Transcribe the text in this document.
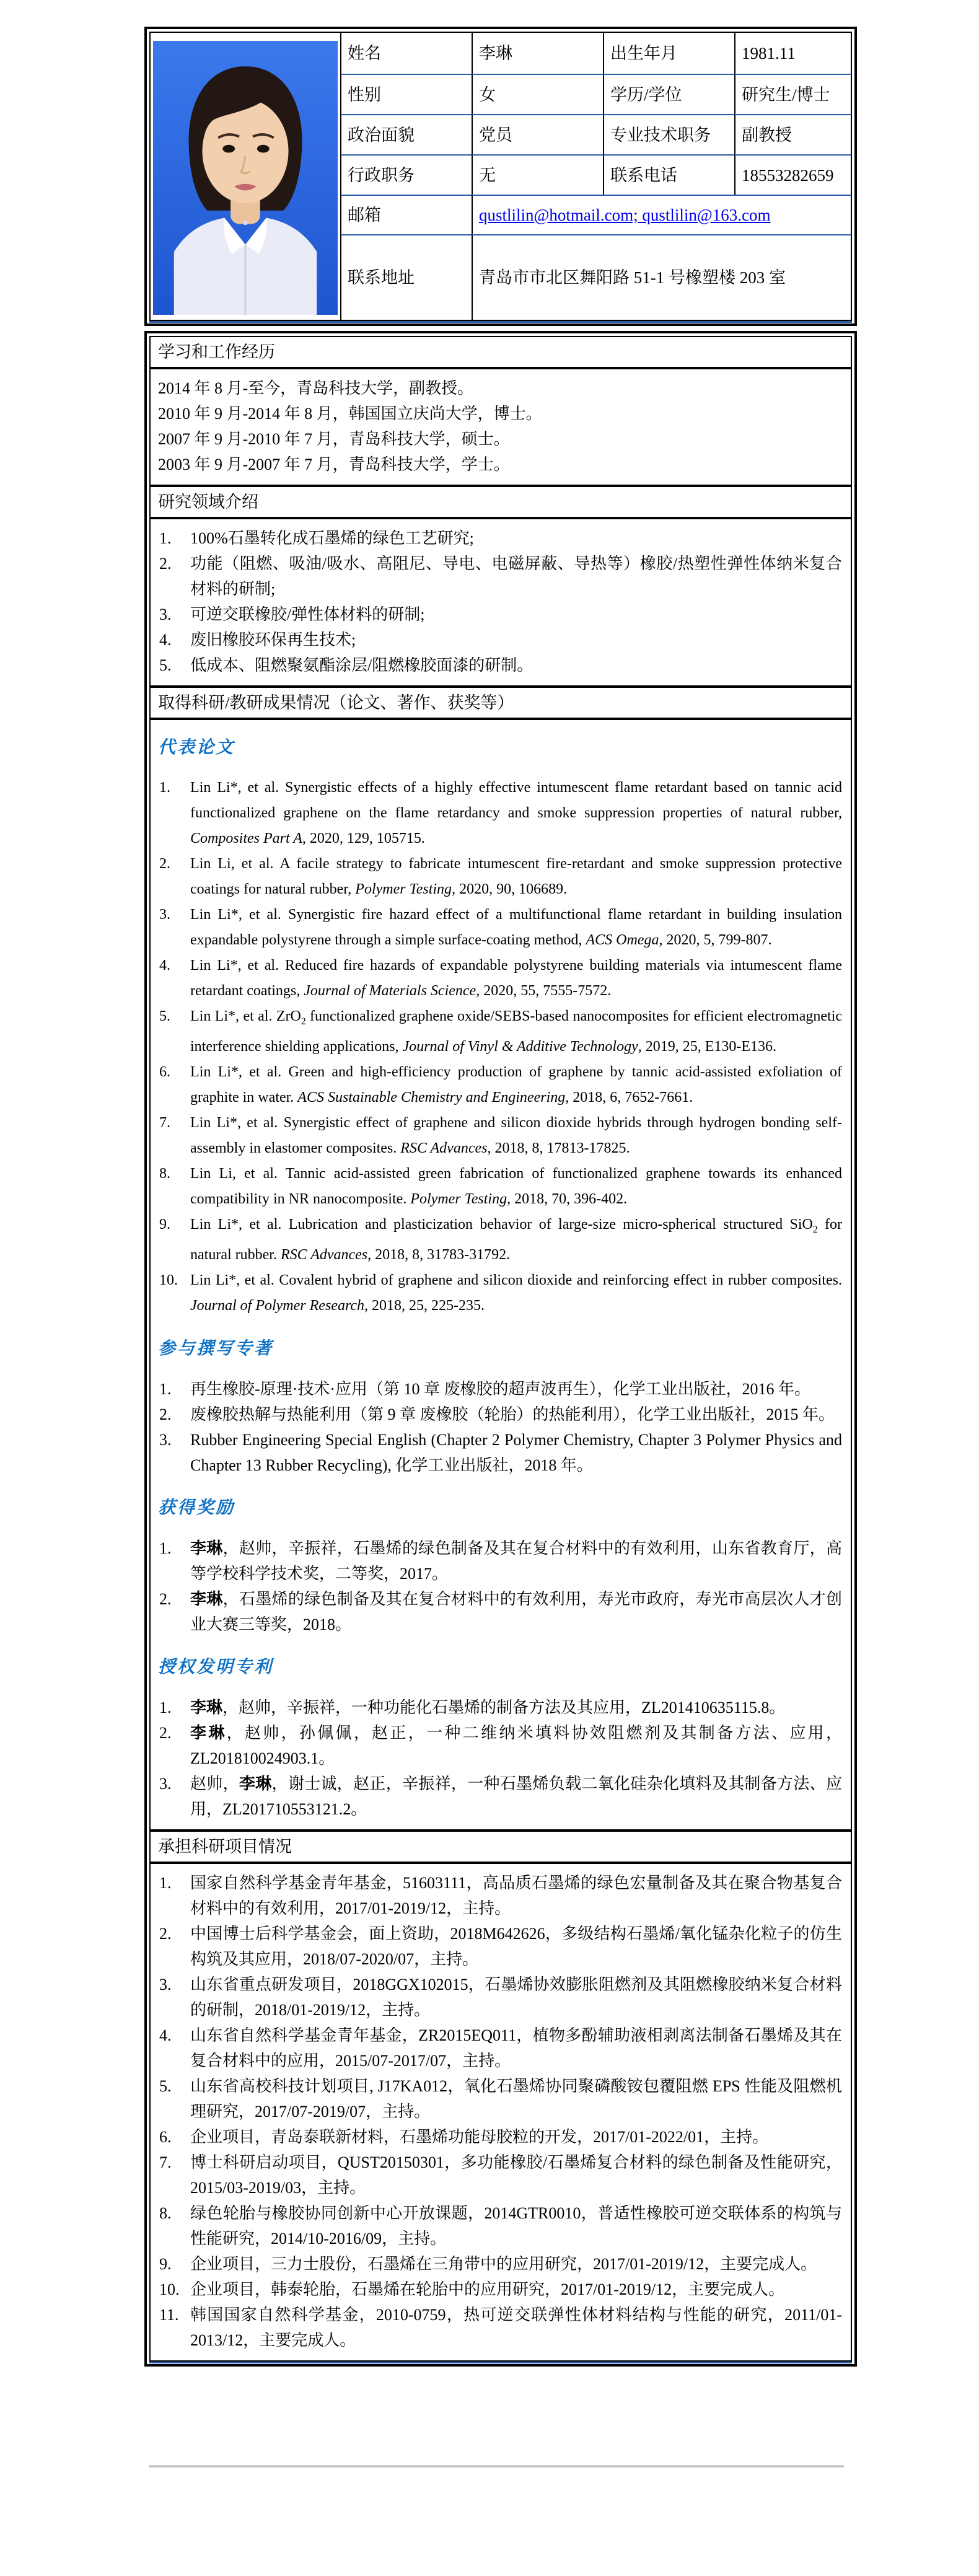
姓名	李琳	出生年月	1981.11
性别	女	学历/学位	研究生/博士
政治面貌	党员	专业技术职务	副教授
行政职务	无	联系电话	18553282659
邮箱	qustlilin@hotmail.com; qustlilin@163.com
联系地址	青岛市市北区舞阳路 51-1 号橡塑楼 203 室
学习和工作经历
2014 年 8 月-至今，青岛科技大学，副教授。
2010 年 9 月-2014 年 8 月，韩国国立庆尚大学，博士。
2007 年 9 月-2010 年 7 月，青岛科技大学，硕士。
2003 年 9 月-2007 年 7 月，青岛科技大学，学士。
研究领域介绍
1.	100%石墨转化成石墨烯的绿色工艺研究;
2.	功能（阻燃、吸油/吸水、高阻尼、导电、电磁屏蔽、导热等）橡胶/热塑性弹性体纳米复合材料的研制;
3.	可逆交联橡胶/弹性体材料的研制;
4.	废旧橡胶环保再生技术;
5.	低成本、阻燃聚氨酯涂层/阻燃橡胶面漆的研制。
取得科研/教研成果情况（论文、著作、获奖等）
代表论文
1.	Lin Li*, et al. Synergistic effects of a highly effective intumescent flame retardant based on tannic acid functionalized graphene on the flame retardancy and smoke suppression properties of natural rubber, Composites Part A, 2020, 129, 105715.
2.	Lin Li, et al. A facile strategy to fabricate intumescent fire-retardant and smoke suppression protective coatings for natural rubber, Polymer Testing, 2020, 90, 106689.
3.	Lin Li*, et al. Synergistic fire hazard effect of a multifunctional flame retardant in building insulation expandable polystyrene through a simple surface-coating method, ACS Omega, 2020, 5, 799-807.
4.	Lin Li*, et al. Reduced fire hazards of expandable polystyrene building materials via intumescent flame retardant coatings, Journal of Materials Science, 2020, 55, 7555-7572.
5.	Lin Li*, et al. ZrO$_2$ functionalized graphene oxide/SEBS-based nanocomposites for efficient electromagnetic interference shielding applications, Journal of Vinyl & Additive Technology, 2019, 25, E130-E136.
6.	Lin Li*, et al. Green and high-efficiency production of graphene by tannic acid-assisted exfoliation of graphite in water. ACS Sustainable Chemistry and Engineering, 2018, 6, 7652-7661.
7.	Lin Li*, et al. Synergistic effect of graphene and silicon dioxide hybrids through hydrogen bonding self-assembly in elastomer composites. RSC Advances, 2018, 8, 17813-17825.
8.	Lin Li, et al. Tannic acid-assisted green fabrication of functionalized graphene towards its enhanced compatibility in NR nanocomposite. Polymer Testing, 2018, 70, 396-402.
9.	Lin Li*, et al. Lubrication and plasticization behavior of large-size micro-spherical structured SiO$_2$ for natural rubber. RSC Advances, 2018, 8, 31783-31792.
10. Lin Li*, et al. Covalent hybrid of graphene and silicon dioxide and reinforcing effect in rubber composites. Journal of Polymer Research, 2018, 25, 225-235.
参与撰写专著
1.	再生橡胶-原理·技术·应用（第 10 章 废橡胶的超声波再生），化学工业出版社，2016 年。
2.	废橡胶热解与热能利用（第 9 章 废橡胶（轮胎）的热能利用），化学工业出版社，2015 年。
3.	Rubber Engineering Special English (Chapter 2 Polymer Chemistry, Chapter 3 Polymer Physics and Chapter 13 Rubber Recycling), 化学工业出版社，2018 年。
获得奖励
1.	李琳，赵帅，辛振祥，石墨烯的绿色制备及其在复合材料中的有效利用，山东省教育厅，高等学校科学技术奖，二等奖，2017。
2.	李琳，石墨烯的绿色制备及其在复合材料中的有效利用，寿光市政府，寿光市高层次人才创业大赛三等奖，2018。
授权发明专利
1.	李琳，赵帅，辛振祥，一种功能化石墨烯的制备方法及其应用，ZL201410635115.8。
2.	李琳，赵帅，孙佩佩，赵正，一种二维纳米填料协效阻燃剂及其制备方法、应用，ZL201810024903.1。
3.	赵帅，李琳，谢士诚，赵正，辛振祥，一种石墨烯负载二氧化硅杂化填料及其制备方法、应用，ZL201710553121.2。
承担科研项目情况
1.	国家自然科学基金青年基金，51603111，高品质石墨烯的绿色宏量制备及其在聚合物基复合材料中的有效利用，2017/01-2019/12，主持。
2.	中国博士后科学基金会，面上资助，2018M642626，多级结构石墨烯/氧化锰杂化粒子的仿生构筑及其应用，2018/07-2020/07，主持。
3.	山东省重点研发项目，2018GGX102015，石墨烯协效膨胀阻燃剂及其阻燃橡胶纳米复合材料的研制，2018/01-2019/12，主持。
4.	山东省自然科学基金青年基金，ZR2015EQ011，植物多酚辅助液相剥离法制备石墨烯及其在复合材料中的应用，2015/07-2017/07，主持。
5.	山东省高校科技计划项目, J17KA012，氧化石墨烯协同聚磷酸铵包覆阻燃 EPS 性能及阻燃机理研究，2017/07-2019/07，主持。
6.	企业项目，青岛泰联新材料，石墨烯功能母胶粒的开发，2017/01-2022/01，主持。
7.	博士科研启动项目，QUST20150301，多功能橡胶/石墨烯复合材料的绿色制备及性能研究，2015/03-2019/03，主持。
8.	绿色轮胎与橡胶协同创新中心开放课题，2014GTR0010，普适性橡胶可逆交联体系的构筑与性能研究，2014/10-2016/09，主持。
9.	企业项目，三力士股份，石墨烯在三角带中的应用研究，2017/01-2019/12，主要完成人。
10. 企业项目，韩泰轮胎，石墨烯在轮胎中的应用研究，2017/01-2019/12，主要完成人。
11. 韩国国家自然科学基金，2010-0759，热可逆交联弹性体材料结构与性能的研究，2011/01-2013/12，主要完成人。
